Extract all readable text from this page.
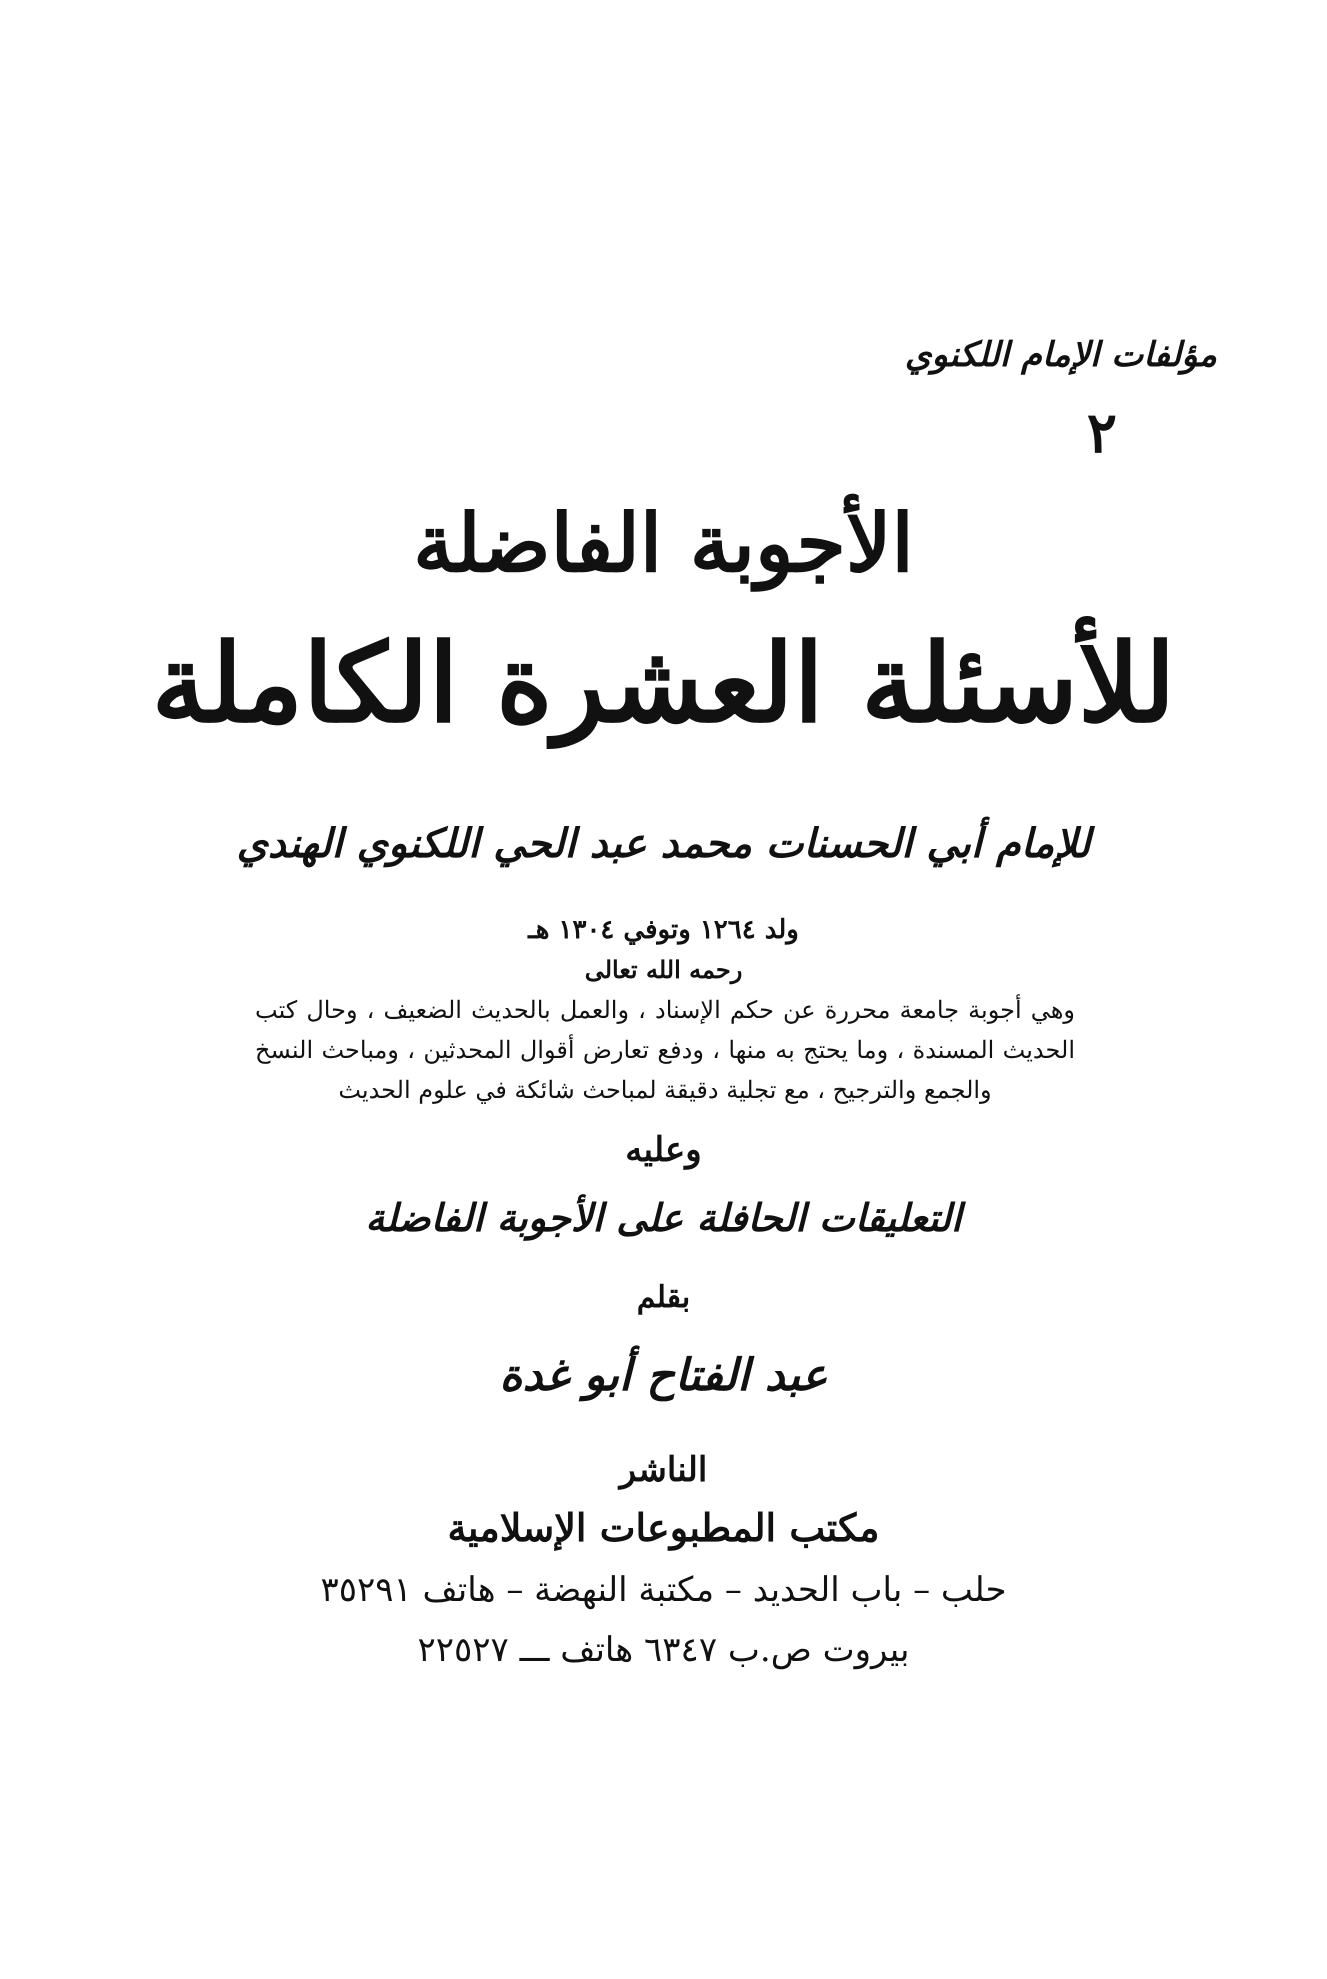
مؤلفات الإمام اللكنوي
٢
الأجوبة الفاضلة
للأسئلة العشرة الكاملة
للإمام أبي الحسنات محمد عبد الحي اللكنوي الهندي
ولد ١٢٦٤ وتوفي ١٣٠٤ هـ
رحمه الله تعالى
وهي أجوبة جامعة محررة عن حكم الإسناد ، والعمل بالحديث الضعيف ، وحال كتب الحديث المسندة ، وما يحتج به منها ، ودفع تعارض أقوال المحدثين ، ومباحث النسخ والجمع والترجيح ، مع تجلية دقيقة لمباحث شائكة في علوم الحديث
وعليه
التعليقات الحافلة على الأجوبة الفاضلة
بقلم
عبد الفتاح أبو غدة
الناشر
مكتب المطبوعات الإسلامية
حلب – باب الحديد – مكتبة النهضة – هاتف ٣٥٢٩١
بيروت ص.ب ٦٣٤٧ هاتف ـــ ٢٢٥٢٧
